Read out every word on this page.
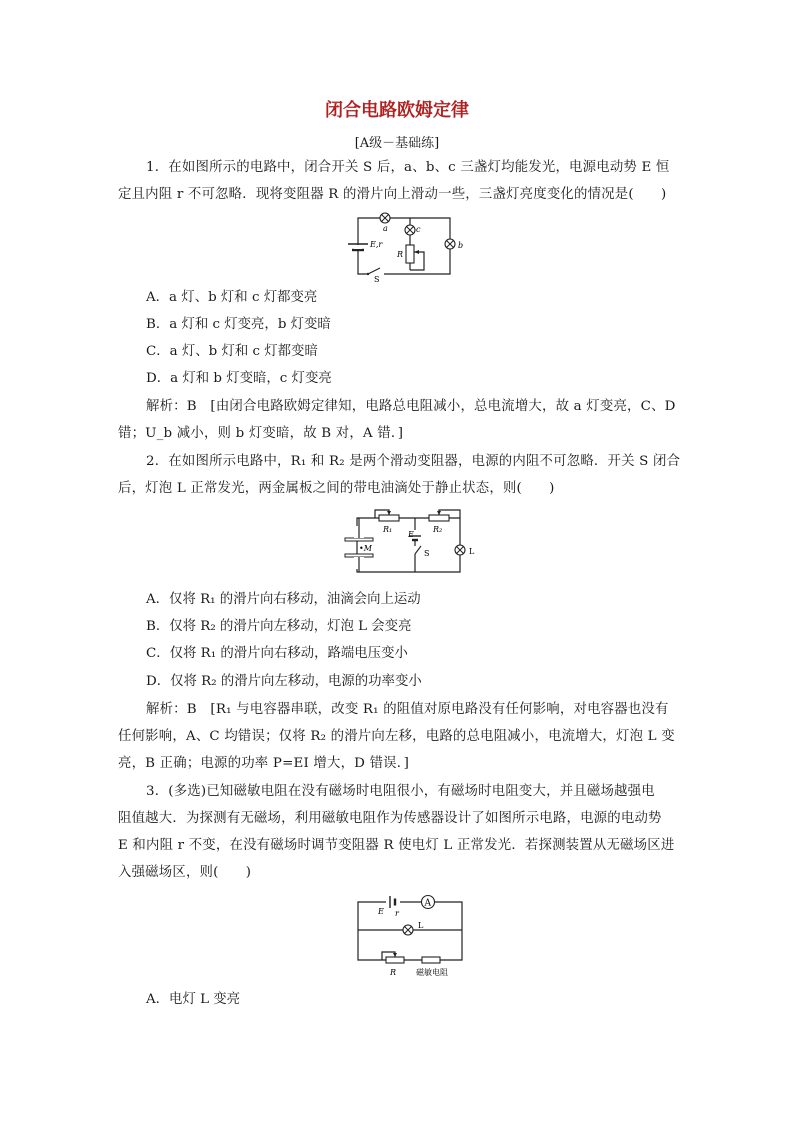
闭合电路欧姆定律
[A级－基础练]
1．在如图所示的电路中，闭合开关 S 后，a、b、c 三盏灯均能发光，电源电动势 E 恒
定且内阻 r 不可忽略．现将变阻器 R 的滑片向上滑动一些，三盏灯亮度变化的情况是(　　)
a	c
b
E,r
R
S
A．a 灯、b 灯和 c 灯都变亮
B．a 灯和 c 灯变亮，b 灯变暗
C．a 灯、b 灯和 c 灯都变暗
D．a 灯和 b 灯变暗，c 灯变亮
解析：B　[由闭合电路欧姆定律知，电路总电阻减小，总电流增大，故 a 灯变亮，C、D
错；U_b 减小，则 b 灯变暗，故 B 对，A 错．]
2．在如图所示电路中，R₁ 和 R₂ 是两个滑动变阻器，电源的内阻不可忽略．开关 S 闭合
后，灯泡 L 正常发光，两金属板之间的带电油滴处于静止状态，则(　　)
R₁	R₂
E
S	L
•M
A．仅将 R₁ 的滑片向右移动，油滴会向上运动
B．仅将 R₂ 的滑片向左移动，灯泡 L 会变亮
C．仅将 R₁ 的滑片向右移动，路端电压变小
D．仅将 R₂ 的滑片向左移动，电源的功率变小
解析：B　[R₁ 与电容器串联，改变 R₁ 的阻值对原电路没有任何影响，对电容器也没有
任何影响，A、C 均错误；仅将 R₂ 的滑片向左移，电路的总电阻减小，电流增大，灯泡 L 变
亮，B 正确；电源的功率 P=EI 增大，D 错误．]
3．(多选)已知磁敏电阻在没有磁场时电阻很小，有磁场时电阻变大，并且磁场越强电
阻值越大．为探测有无磁场，利用磁敏电阻作为传感器设计了如图所示电路，电源的电动势
E 和内阻 r 不变，在没有磁场时调节变阻器 R 使电灯 L 正常发光．若探测装置从无磁场区进
入强磁场区，则(　　)
A
E r
L
R 磁敏电阻
A．电灯 L 变亮
